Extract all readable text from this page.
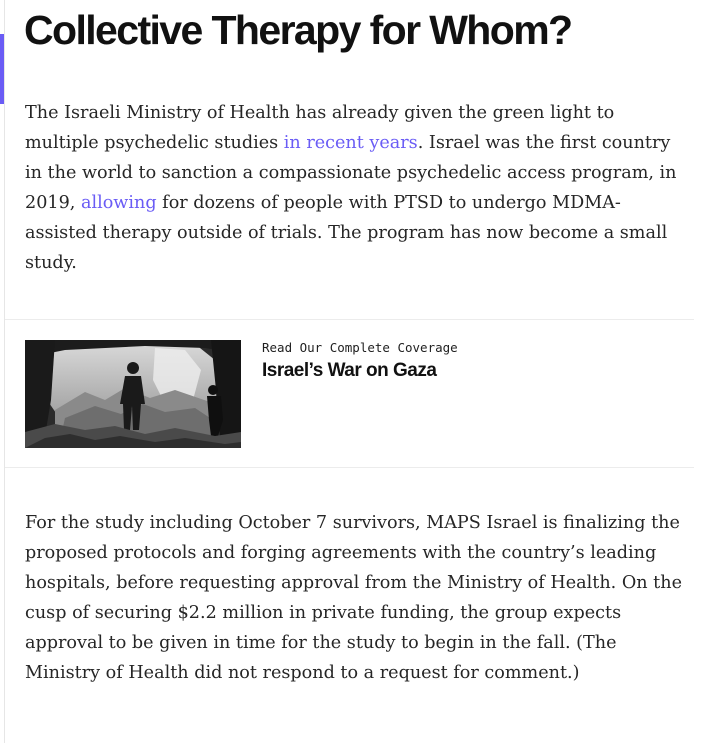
Collective Therapy for Whom?

The Israeli Ministry of Health has already given the green light to multiple psychedelic studies in recent years. Israel was the first country in the world to sanction a compassionate psychedelic access program, in 2019, allowing for dozens of people with PTSD to undergo MDMA-assisted therapy outside of trials. The program has now become a small study.

Read Our Complete Coverage
Israel’s War on Gaza

For the study including October 7 survivors, MAPS Israel is finalizing the proposed protocols and forging agreements with the country’s leading hospitals, before requesting approval from the Ministry of Health. On the cusp of securing $2.2 million in private funding, the group expects approval to be given in time for the study to begin in the fall. (The Ministry of Health did not respond to a request for comment.)
